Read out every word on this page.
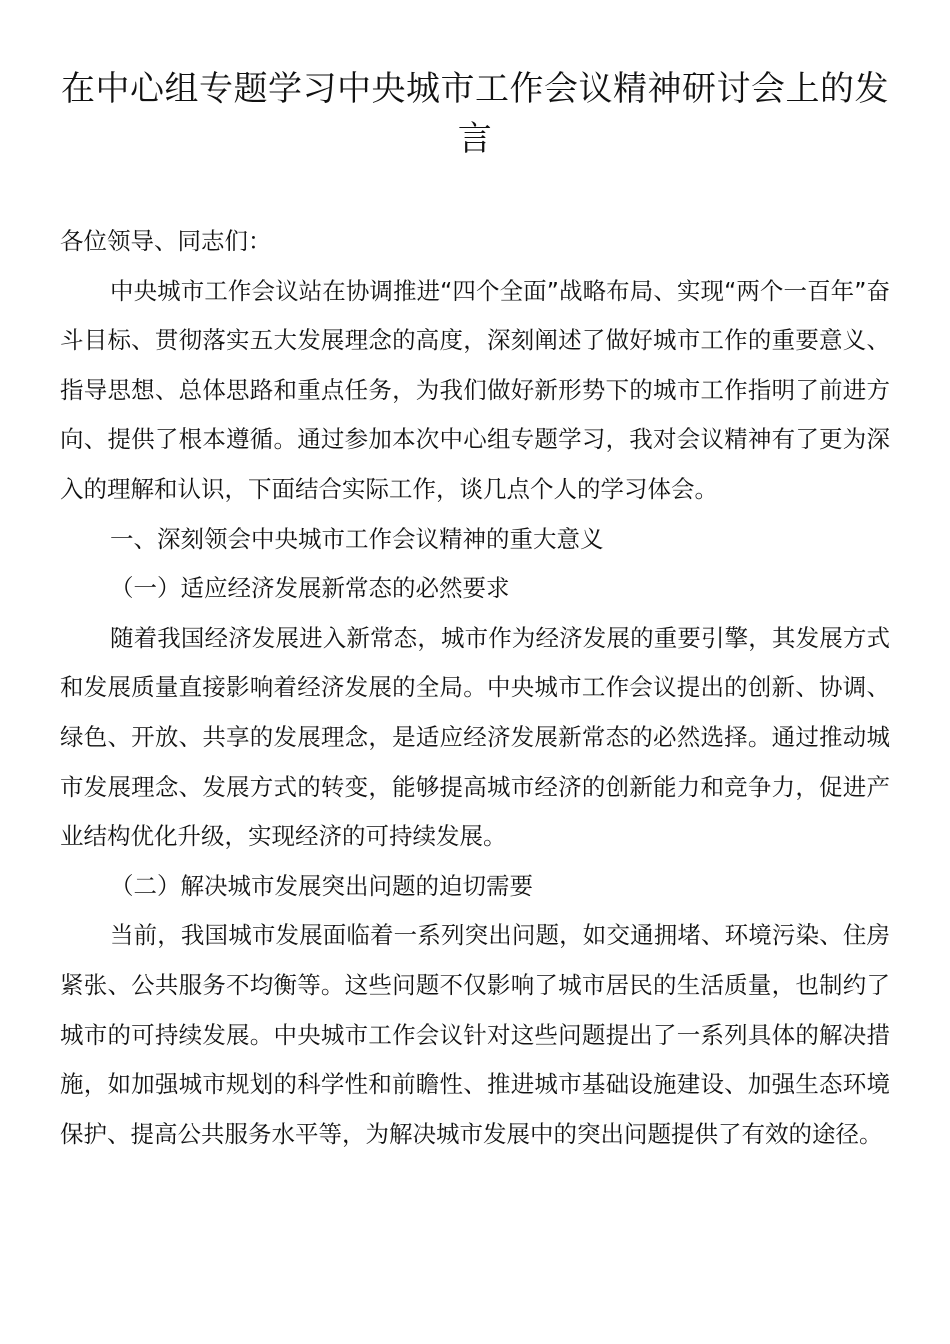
在中心组专题学习中央城市工作会议精神研讨会上的发言

各位领导、同志们：

中央城市工作会议站在协调推进“四个全面”战略布局、实现“两个一百年”奋斗目标、贯彻落实五大发展理念的高度，深刻阐述了做好城市工作的重要意义、指导思想、总体思路和重点任务，为我们做好新形势下的城市工作指明了前进方向、提供了根本遵循。通过参加本次中心组专题学习，我对会议精神有了更为深入的理解和认识，下面结合实际工作，谈几点个人的学习体会。

一、深刻领会中央城市工作会议精神的重大意义

（一）适应经济发展新常态的必然要求

随着我国经济发展进入新常态，城市作为经济发展的重要引擎，其发展方式和发展质量直接影响着经济发展的全局。中央城市工作会议提出的创新、协调、绿色、开放、共享的发展理念，是适应经济发展新常态的必然选择。通过推动城市发展理念、发展方式的转变，能够提高城市经济的创新能力和竞争力，促进产业结构优化升级，实现经济的可持续发展。

（二）解决城市发展突出问题的迫切需要

当前，我国城市发展面临着一系列突出问题，如交通拥堵、环境污染、住房紧张、公共服务不均衡等。这些问题不仅影响了城市居民的生活质量，也制约了城市的可持续发展。中央城市工作会议针对这些问题提出了一系列具体的解决措施，如加强城市规划的科学性和前瞻性、推进城市基础设施建设、加强生态环境保护、提高公共服务水平等，为解决城市发展中的突出问题提供了有效的途径。
